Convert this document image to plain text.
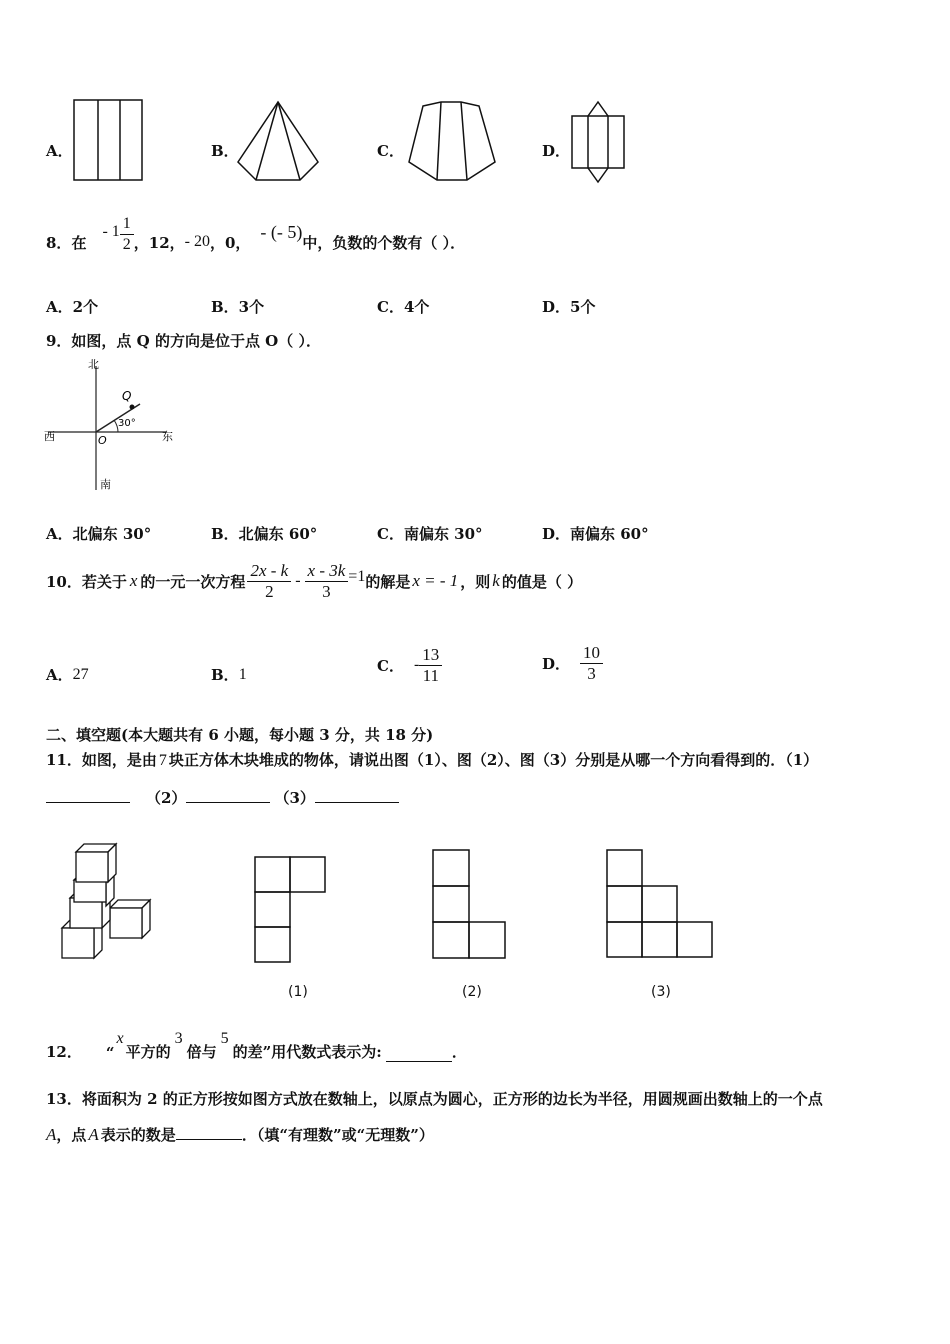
A．	B．	C．	D．
8． 在
- $1 \frac{1}{2}$ ，12， - 20 ，0，
- (- 5)
中，负数的个数有（ ）．
A．2个	B．3个	C．4个	D．5个
9．如图，点 Q 的方向是位于点 O（ ）．
北
南
西	东
Q
O
30°
A．北偏东 30°	B．北偏东 60°	C．南偏东 30°	D．南偏东 60°
10．若关于 x 的一元一次方程 $\frac{2x - k}{2} - \frac{x - 3k}{3} =1$ 的解是 x = - 1 ，则 k 的值是（ ）
A． 27	B． 1	C． - $\frac{13}{11}$	D． $\frac{10}{3}$
二、填空题(本大题共有 6 小题，每小题 3 分，共 18 分)
11．如图，是由 7 块正方体木块堆成的物体，请说出图（1）、图（2）、图（3）分别是从哪一个方向看得到的．（1）
（2）	（3）
(1)	(2)	(3)
12． “
x
平方的
3
倍与
5
的差”用代数式表示为:	．
13．将面积为 2 的正方形按如图方式放在数轴上，以原点为圆心，正方形的边长为半径，用圆规画出数轴上的一个点
A ，点 A 表示的数是	．（填“有理数”或“无理数”）
